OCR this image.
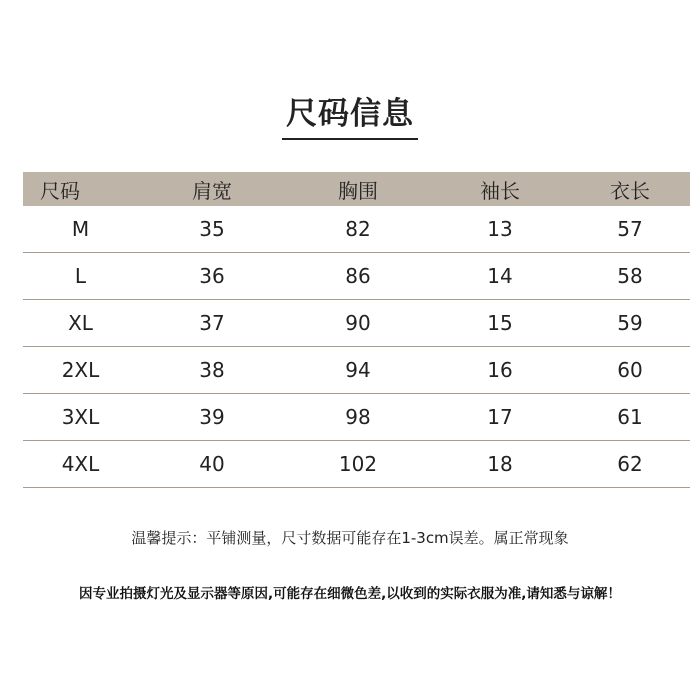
尺码信息
尺码	肩宽	胸围	袖长	衣长
M	35	82	13	57
L	36	86	14	58
XL	37	90	15	59
2XL	38	94	16	60
3XL	39	98	17	61
4XL	40	102	18	62
温馨提示：平铺测量，尺寸数据可能存在1-3cm误差。属正常现象
因专业拍摄灯光及显示器等原因,可能存在细微色差,以收到的实际衣服为准,请知悉与谅解！
